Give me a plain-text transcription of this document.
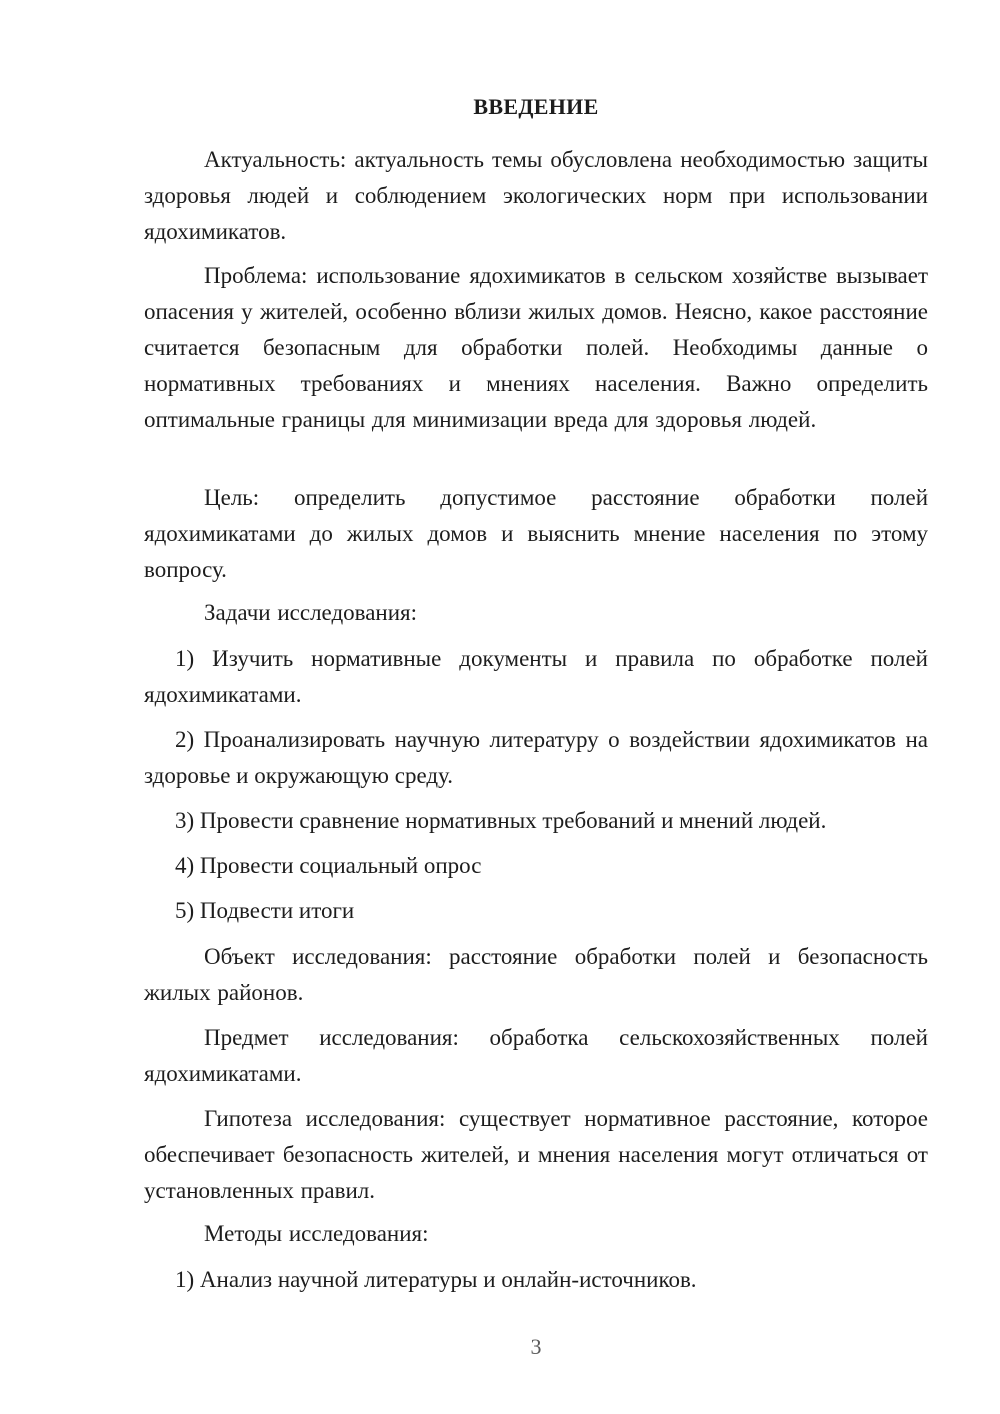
ВВЕДЕНИЕ

Актуальность: актуальность темы обусловлена необходимостью защиты здоровья людей и соблюдением экологических норм при использовании ядохимикатов.

Проблема: использование ядохимикатов в сельском хозяйстве вызывает опасения у жителей, особенно вблизи жилых домов. Неясно, какое расстояние считается безопасным для обработки полей. Необходимы данные о нормативных требованиях и мнениях населения. Важно определить оптимальные границы для минимизации вреда для здоровья людей.

Цель: определить допустимое расстояние обработки полей ядохимикатами до жилых домов и выяснить мнение населения по этому вопросу.

Задачи исследования:

1) Изучить нормативные документы и правила по обработке полей ядохимикатами.

2) Проанализировать научную литературу о воздействии ядохимикатов на здоровье и окружающую среду.

3) Провести сравнение нормативных требований и мнений людей.

4) Провести социальный опрос

5) Подвести итоги

Объект исследования: расстояние обработки полей и безопасность жилых районов.

Предмет исследования: обработка сельскохозяйственных полей ядохимикатами.

Гипотеза исследования: существует нормативное расстояние, которое обеспечивает безопасность жителей, и мнения населения могут отличаться от установленных правил.

Методы исследования:

1) Анализ научной литературы и онлайн-источников.

3
